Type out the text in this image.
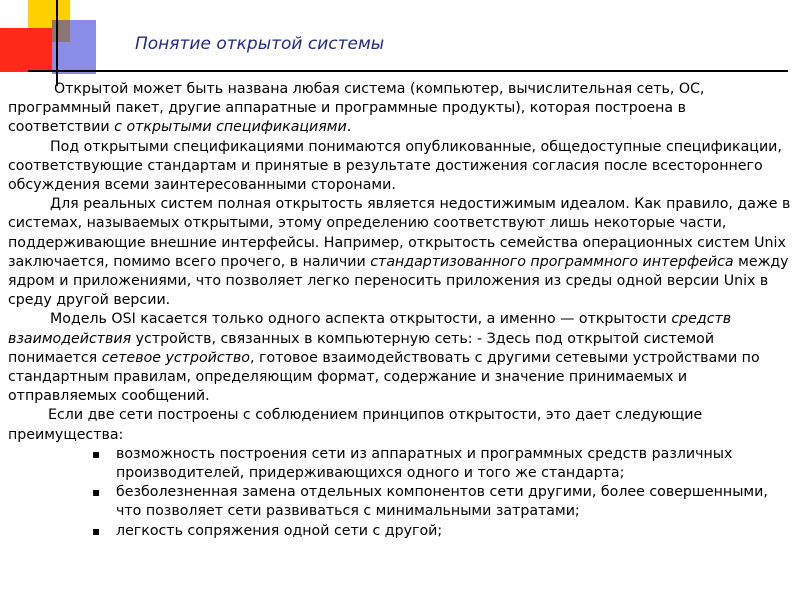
Понятие открытой системы

Открытой может быть названа любая система (компьютер, вычислительная сеть, ОС, программный пакет, другие аппаратные и программные продукты), которая построена в соответствии с открытыми спецификациями.

Под открытыми спецификациями понимаются опубликованные, общедоступные спецификации, соответствующие стандартам и принятые в результате достижения согласия после всестороннего обсуждения всеми заинтересованными сторонами.

Для реальных систем полная открытость является недостижимым идеалом. Как правило, даже в системах, называемых открытыми, этому определению соответствуют лишь некоторые части, поддерживающие внешние интерфейсы. Например, открытость семейства операционных систем Unix заключается, помимо всего прочего, в наличии стандартизованного программного интерфейса между ядром и приложениями, что позволяет легко переносить приложения из среды одной версии Unix в среду другой версии.

Модель OSI касается только одного аспекта открытости, а именно — открытости средств взаимодействия устройств, связанных в компьютерную сеть: - Здесь под открытой системой понимается сетевое устройство, готовое взаимодействовать с другими сетевыми устройствами по стандартным правилам, определяющим формат, содержание и значение принимаемых и отправляемых сообщений.

Если две сети построены с соблюдением принципов открытости, это дает следующие преимущества:

▪ возможность построения сети из аппаратных и программных средств различных производителей, придерживающихся одного и того же стандарта;
▪ безболезненная замена отдельных компонентов сети другими, более совершенными, что позволяет сети развиваться с минимальными затратами;
▪ легкость сопряжения одной сети с другой;
